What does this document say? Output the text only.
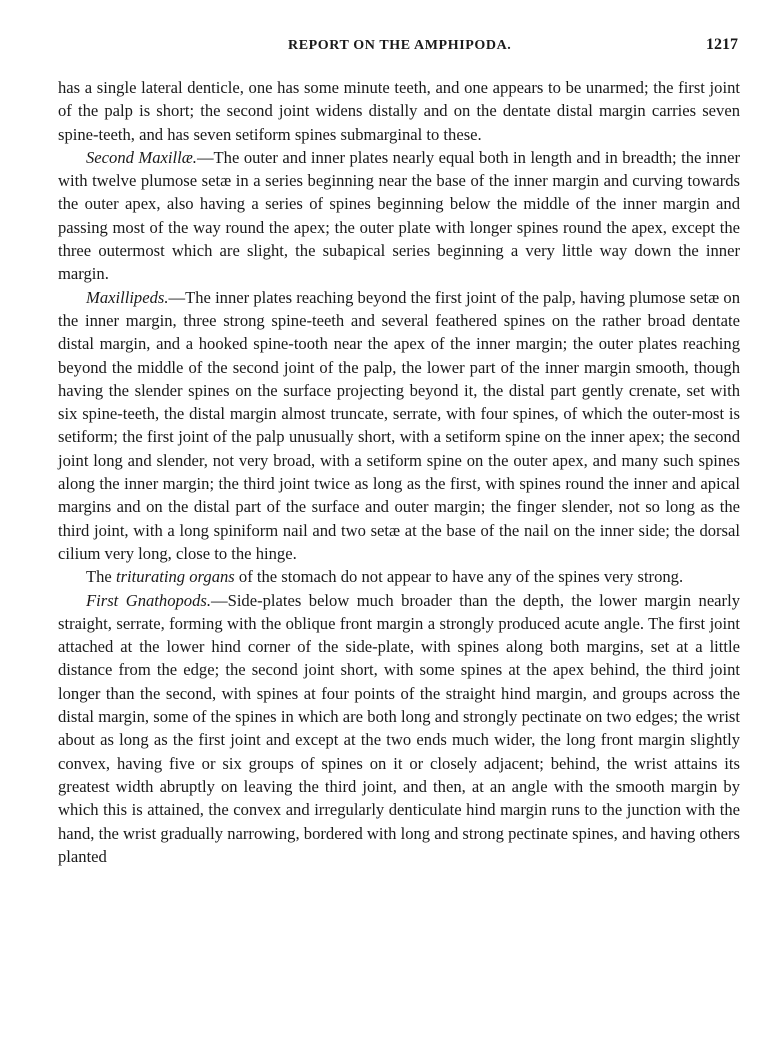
REPORT ON THE AMPHIPODA.	1217

has a single lateral denticle, one has some minute teeth, and one appears to be unarmed; the first joint of the palp is short; the second joint widens distally and on the dentate distal margin carries seven spine-teeth, and has seven setiform spines submarginal to these.

Second Maxillæ.—The outer and inner plates nearly equal both in length and in breadth; the inner with twelve plumose setæ in a series beginning near the base of the inner margin and curving towards the outer apex, also having a series of spines beginning below the middle of the inner margin and passing most of the way round the apex; the outer plate with longer spines round the apex, except the three outermost which are slight, the subapical series beginning a very little way down the inner margin.

Maxillipeds.—The inner plates reaching beyond the first joint of the palp, having plumose setæ on the inner margin, three strong spine-teeth and several feathered spines on the rather broad dentate distal margin, and a hooked spine-tooth near the apex of the inner margin; the outer plates reaching beyond the middle of the second joint of the palp, the lower part of the inner margin smooth, though having the slender spines on the surface projecting beyond it, the distal part gently crenate, set with six spine-teeth, the distal margin almost truncate, serrate, with four spines, of which the outer-most is setiform; the first joint of the palp unusually short, with a setiform spine on the inner apex; the second joint long and slender, not very broad, with a setiform spine on the outer apex, and many such spines along the inner margin; the third joint twice as long as the first, with spines round the inner and apical margins and on the distal part of the surface and outer margin; the finger slender, not so long as the third joint, with a long spiniform nail and two setæ at the base of the nail on the inner side; the dorsal cilium very long, close to the hinge.

The triturating organs of the stomach do not appear to have any of the spines very strong.

First Gnathopods.—Side-plates below much broader than the depth, the lower margin nearly straight, serrate, forming with the oblique front margin a strongly produced acute angle. The first joint attached at the lower hind corner of the side-plate, with spines along both margins, set at a little distance from the edge; the second joint short, with some spines at the apex behind, the third joint longer than the second, with spines at four points of the straight hind margin, and groups across the distal margin, some of the spines in which are both long and strongly pectinate on two edges; the wrist about as long as the first joint and except at the two ends much wider, the long front margin slightly convex, having five or six groups of spines on it or closely adjacent; behind, the wrist attains its greatest width abruptly on leaving the third joint, and then, at an angle with the smooth margin by which this is attained, the convex and irregularly denticulate hind margin runs to the junction with the hand, the wrist gradually narrowing, bordered with long and strong pectinate spines, and having others planted
